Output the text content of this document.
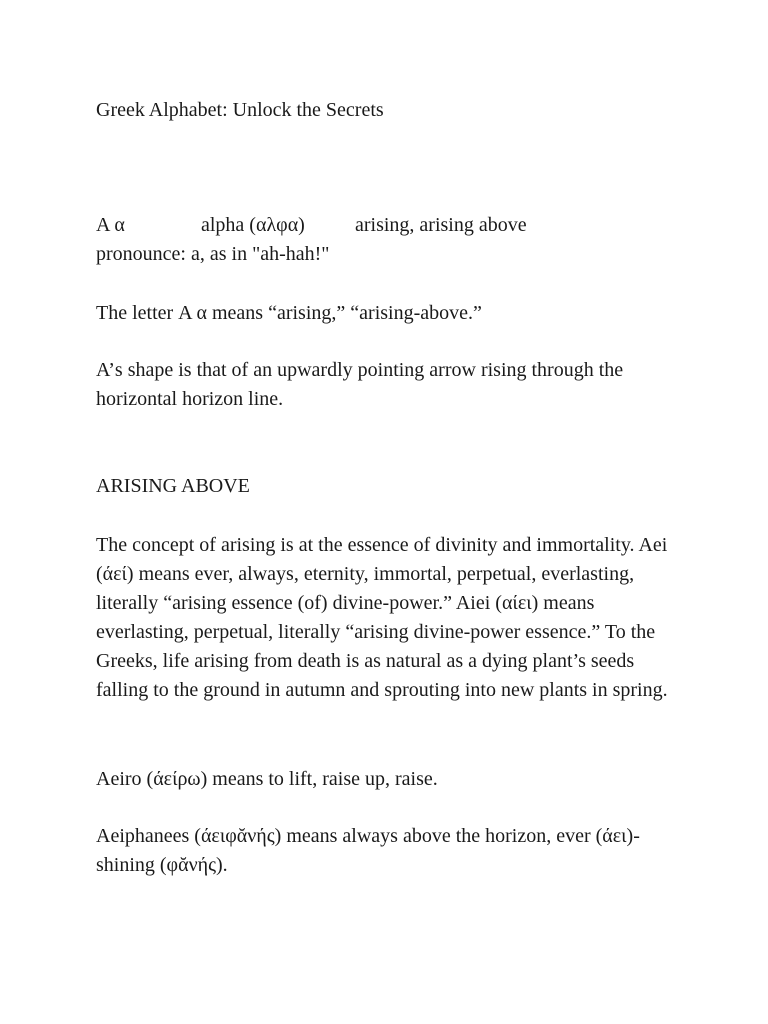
Greek Alphabet: Unlock the Secrets

Α α	alpha (αλφα)	arising, arising above

pronounce: a, as in "ah-hah!"

The letter Α α means “arising,” “arising-above.”

Α’s shape is that of an upwardly pointing arrow rising through the horizontal horizon line.

ARISING ABOVE

The concept of arising is at the essence of divinity and immortality. Aei (άεί) means ever, always, eternity, immortal, perpetual, everlasting, literally “arising essence (of) divine-power.” Aiei (αίει) means everlasting, perpetual, literally “arising divine-power essence.” To the Greeks, life arising from death is as natural as a dying plant’s seeds falling to the ground in autumn and sprouting into new plants in spring.

Aeiro (άείρω) means to lift, raise up, raise.

Aeiphanees (άειφᾰνής) means always above the horizon, ever (άει)-shining (φᾰνής).
